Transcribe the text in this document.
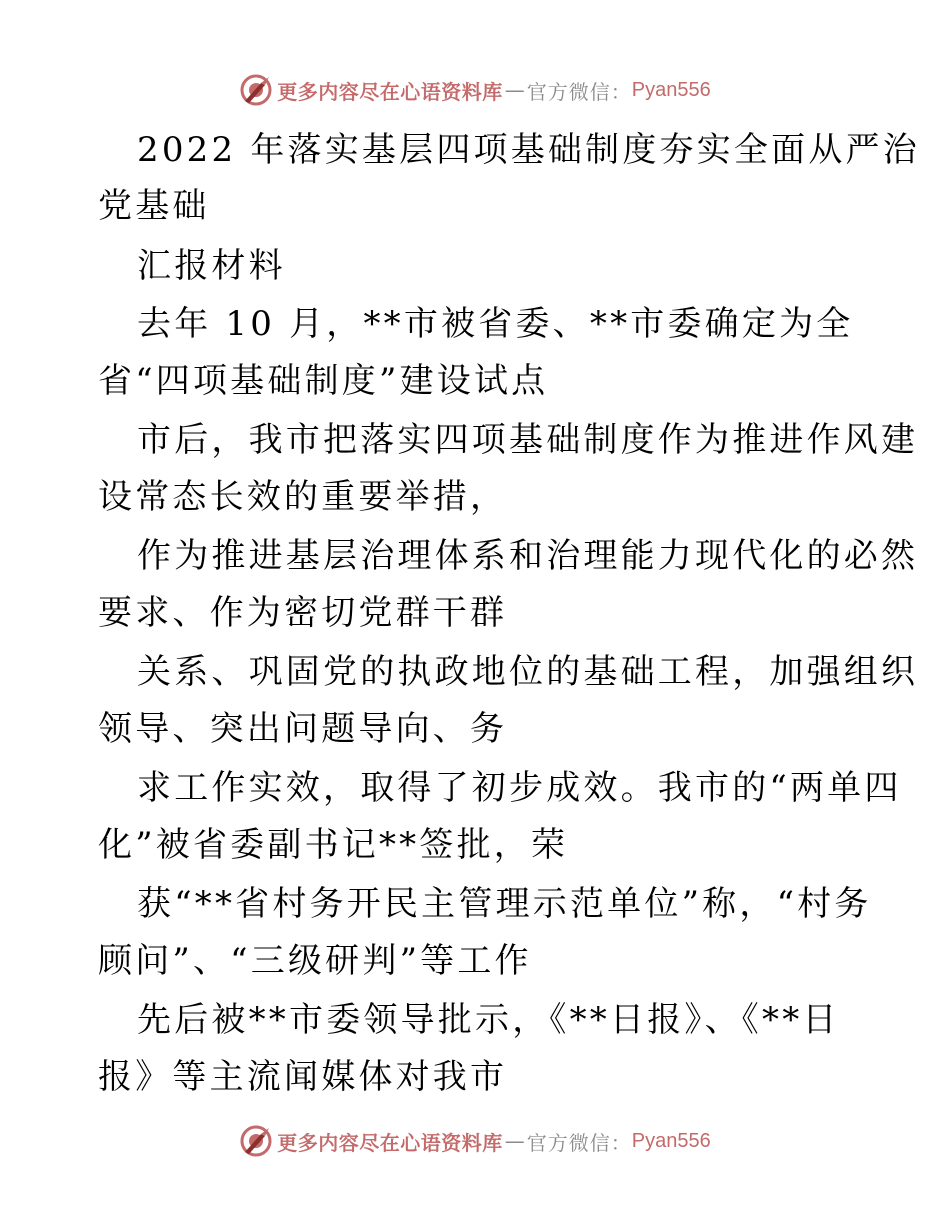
更多内容尽在心语资料库 — 官方微信： Pyan556
2022 年落实基层四项基础制度夯实全面从严治
党基础
汇报材料
去年 10 月，**市被省委、**市委确定为全
省“四项基础制度”建设试点
市后，我市把落实四项基础制度作为推进作风建
设常态长效的重要举措，
作为推进基层治理体系和治理能力现代化的必然
要求、作为密切党群干群
关系、巩固党的执政地位的基础工程，加强组织
领导、突出问题导向、务
求工作实效，取得了初步成效。我市的“两单四
化”被省委副书记**签批，荣
获“**省村务开民主管理示范单位”称，“村务
顾问”、“三级研判”等工作
先后被**市委领导批示，《**日报》、《**日
报》等主流闻媒体对我市
更多内容尽在心语资料库 — 官方微信： Pyan556
